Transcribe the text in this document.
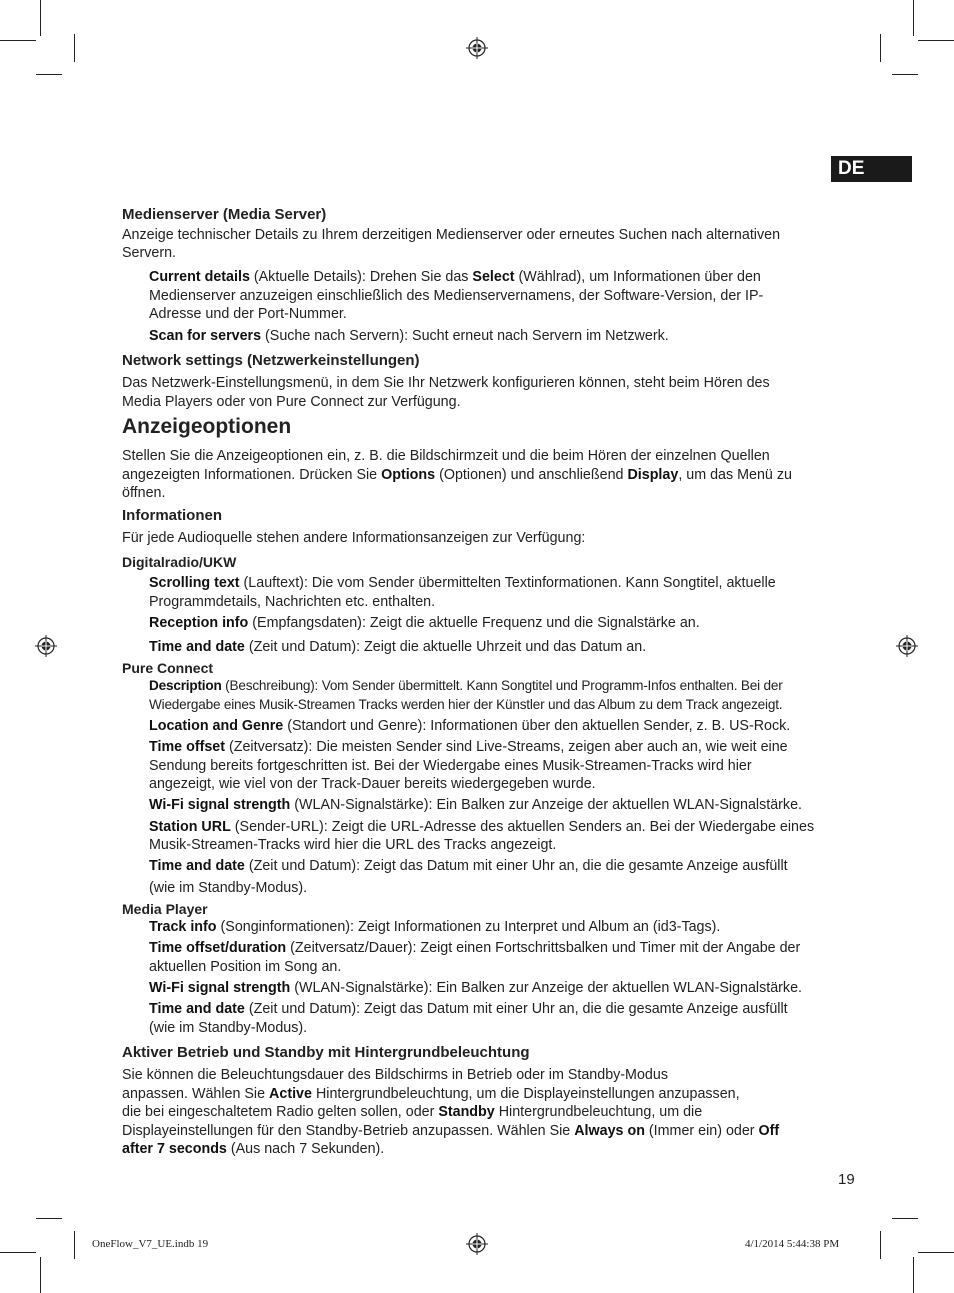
DE
Medienserver (Media Server)
Anzeige technischer Details zu Ihrem derzeitigen Medienserver oder erneutes Suchen nach alternativen
Servern.
Current details (Aktuelle Details): Drehen Sie das Select (Wählrad), um Informationen über den
Medienserver anzuzeigen einschließlich des Medienservernamens, der Software-Version, der IP-
Adresse und der Port-Nummer.
Scan for servers (Suche nach Servern): Sucht erneut nach Servern im Netzwerk.
Network settings (Netzwerkeinstellungen)
Das Netzwerk-Einstellungsmenü, in dem Sie Ihr Netzwerk konfigurieren können, steht beim Hören des
Media Players oder von Pure Connect zur Verfügung.
Anzeigeoptionen
Stellen Sie die Anzeigeoptionen ein, z. B. die Bildschirmzeit und die beim Hören der einzelnen Quellen
angezeigten Informationen. Drücken Sie Options (Optionen) und anschließend Display, um das Menü zu
öffnen.
Informationen
Für jede Audioquelle stehen andere Informationsanzeigen zur Verfügung:
Digitalradio/UKW
Scrolling text (Lauftext): Die vom Sender übermittelten Textinformationen. Kann Songtitel, aktuelle
Programmdetails, Nachrichten etc. enthalten.
Reception info (Empfangsdaten): Zeigt die aktuelle Frequenz und die Signalstärke an.
Time and date (Zeit und Datum): Zeigt die aktuelle Uhrzeit und das Datum an.
Pure Connect
Description (Beschreibung): Vom Sender übermittelt. Kann Songtitel und Programm-Infos enthalten. Bei der
Wiedergabe eines Musik-Streamen Tracks werden hier der Künstler und das Album zu dem Track angezeigt.
Location and Genre (Standort und Genre): Informationen über den aktuellen Sender, z. B. US-Rock.
Time offset (Zeitversatz): Die meisten Sender sind Live-Streams, zeigen aber auch an, wie weit eine
Sendung bereits fortgeschritten ist. Bei der Wiedergabe eines Musik-Streamen-Tracks wird hier
angezeigt, wie viel von der Track-Dauer bereits wiedergegeben wurde.
Wi-Fi signal strength (WLAN-Signalstärke): Ein Balken zur Anzeige der aktuellen WLAN-Signalstärke.
Station URL (Sender-URL): Zeigt die URL-Adresse des aktuellen Senders an. Bei der Wiedergabe eines
Musik-Streamen-Tracks wird hier die URL des Tracks angezeigt.
Time and date (Zeit und Datum): Zeigt das Datum mit einer Uhr an, die die gesamte Anzeige ausfüllt
(wie im Standby-Modus).
Media Player
Track info (Songinformationen): Zeigt Informationen zu Interpret und Album an (id3-Tags).
Time offset/duration (Zeitversatz/Dauer): Zeigt einen Fortschrittsbalken und Timer mit der Angabe der
aktuellen Position im Song an.
Wi-Fi signal strength (WLAN-Signalstärke): Ein Balken zur Anzeige der aktuellen WLAN-Signalstärke.
Time and date (Zeit und Datum): Zeigt das Datum mit einer Uhr an, die die gesamte Anzeige ausfüllt
(wie im Standby-Modus).
Aktiver Betrieb und Standby mit Hintergrundbeleuchtung
Sie können die Beleuchtungsdauer des Bildschirms in Betrieb oder im Standby-Modus
anpassen. Wählen Sie Active Hintergrundbeleuchtung, um die Displayeinstellungen anzupassen,
die bei eingeschaltetem Radio gelten sollen, oder Standby Hintergrundbeleuchtung, um die
Displayeinstellungen für den Standby-Betrieb anzupassen. Wählen Sie Always on (Immer ein) oder Off
after 7 seconds (Aus nach 7 Sekunden).
19
OneFlow_V7_UE.indb 19	4/1/2014 5:44:38 PM
